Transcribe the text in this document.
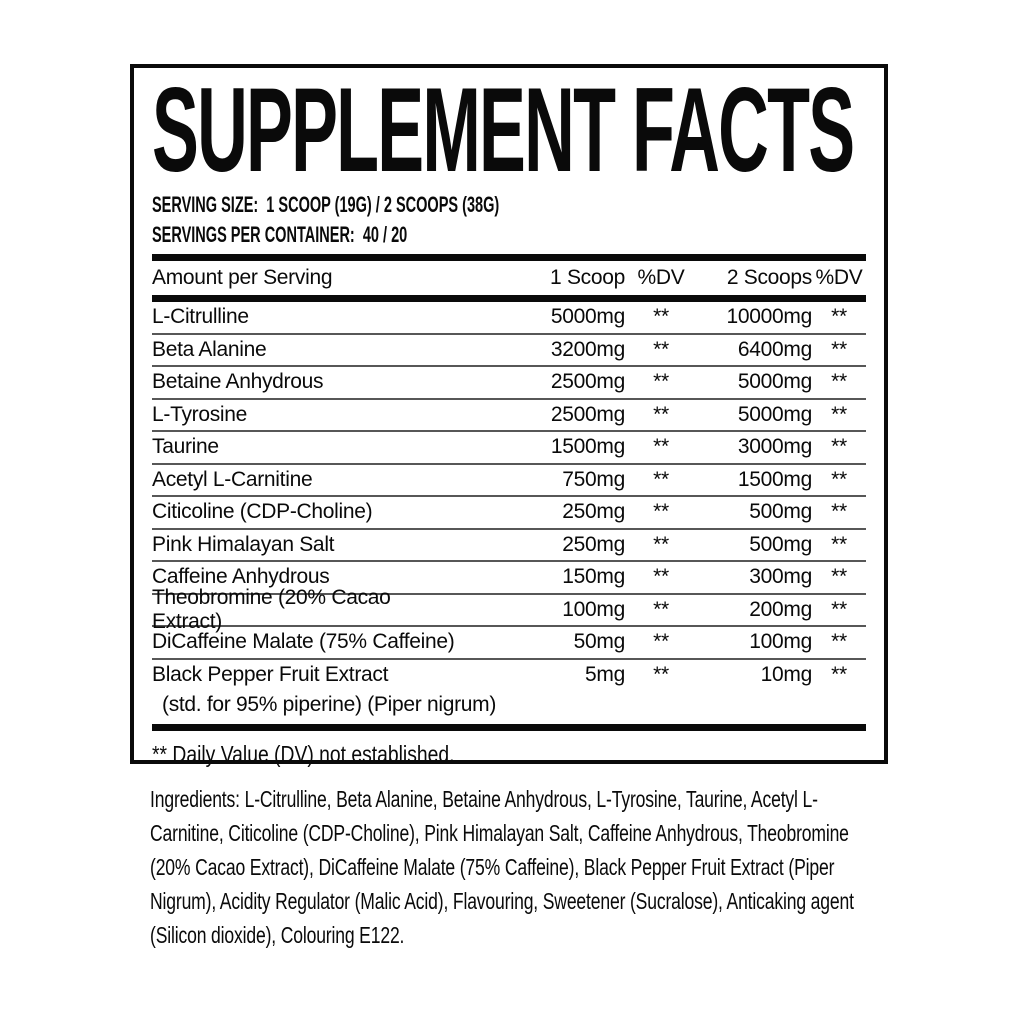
SUPPLEMENT FACTS
SERVING SIZE:  1 SCOOP (19G) / 2 SCOOPS (38G)
SERVINGS PER CONTAINER:  40 / 20
Amount per Serving	1 Scoop %DV	2 Scoops %DV
L-Citrulline	5000mg	**	10000mg **
Beta Alanine	3200mg	**	6400mg **
Betaine Anhydrous	2500mg	**	5000mg **
L-Tyrosine	2500mg	**	5000mg **
Taurine	1500mg	**	3000mg **
Acetyl L-Carnitine	750mg	**	1500mg **
Citicoline (CDP-Choline)	250mg	**	500mg **
Pink Himalayan Salt	250mg	**	500mg **
Caffeine Anhydrous	150mg	**	300mg **
Theobromine (20% Cacao Extract)
100mg	**	200mg **
DiCaffeine Malate (75% Caffeine)	50mg	**	100mg **
Black Pepper Fruit Extract	5mg	**	10mg **
(std. for 95% piperine) (Piper nigrum)
** Daily Value (DV) not established.

Ingredients: L-Citrulline, Beta Alanine, Betaine Anhydrous, L-Tyrosine, Taurine, Acetyl L-Carnitine, Citicoline (CDP-Choline), Pink Himalayan Salt, Caffeine Anhydrous, Theobromine (20% Cacao Extract), DiCaffeine Malate (75% Caffeine), Black Pepper Fruit Extract (Piper Nigrum), Acidity Regulator (Malic Acid), Flavouring, Sweetener (Sucralose), Anticaking agent (Silicon dioxide), Colouring E122.
